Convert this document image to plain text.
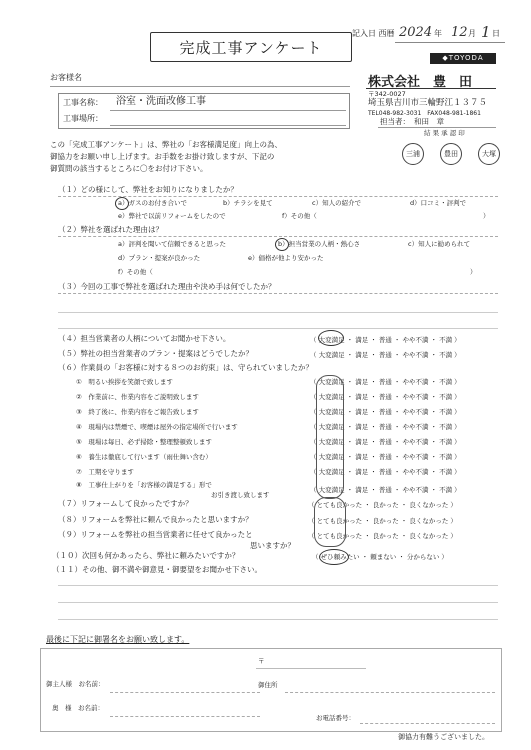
完成工事アンケート
記入日 西暦 2024 年 12 月 1 日
◆TOYODA
お客様名
工事名称： 浴室・洗面改修工事
工事場所：
株式会社　豊　田
〒342-0027
埼玉県吉川市三輪野江１３７５
TEL048-982-3031　FAX048-981-1861
担当者： 和田　章
結 果 承 認 印
三浦	豊田	大塚
この「完成工事アンケート」は、弊社の「お客様満足度」向上の為、
御協力をお願い申し上げます。お手数をお掛け致しますが、下記の
御質問の該当するところに〇をお付け下さい。
（１）どの様にして、弊社をお知りになりましたか？
a）ガスのお付き合いで	b）チラシを見て	c）知人の紹介で	d）口コミ・評判で
e）弊社で以前リフォームをしたので	f）その他（	）
（２）弊社を選ばれた理由は？
a）評判を聞いて信頼できると思った	b）担当営業の人柄・熱心さ	c）知人に勧められて
d）プラン・提案が良かった	e）価格が他より安かった
f）その他（	）
（３）今回の工事で弊社を選ばれた理由や決め手は何でしたか？
（４）担当営業者の人柄についてお聞かせ下さい。	（ 大変満足 ・ 満足 ・ 普通 ・ やや不満 ・ 不満 ）
（５）弊社の担当営業者のプラン・提案はどうでしたか？	（ 大変満足 ・ 満足 ・ 普通 ・ やや不満 ・ 不満 ）
（６）作業員の「お客様に対する８つのお約束」は、守られていましたか？
①　明るい挨拶を笑顔で致します	（ 大変満足 ・ 満足 ・ 普通 ・ やや不満 ・ 不満 ）
②　作業前に、作業内容をご説明致します	（ 大変満足 ・ 満足 ・ 普通 ・ やや不満 ・ 不満 ）
③　終了後に、作業内容をご報告致します	（ 大変満足 ・ 満足 ・ 普通 ・ やや不満 ・ 不満 ）
④　現場内は禁煙で、喫煙は屋外の指定場所で行います	（ 大変満足 ・ 満足 ・ 普通 ・ やや不満 ・ 不満 ）
⑤　現場は毎日、必ず掃除・整理整頓致します	（ 大変満足 ・ 満足 ・ 普通 ・ やや不満 ・ 不満 ）
⑥　養生は徹底して行います（雨仕舞い含む）	（ 大変満足 ・ 満足 ・ 普通 ・ やや不満 ・ 不満 ）
⑦　工期を守ります	（ 大変満足 ・ 満足 ・ 普通 ・ やや不満 ・ 不満 ）
⑧　工事仕上がりを「お客様の満足する」形で
お引き渡し致します
（ 大変満足 ・ 満足 ・ 普通 ・ やや不満 ・ 不満 ）
（７）リフォームして良かったですか？	（ とても良かった ・ 良かった ・ 良くなかった ）
（８）リフォームを弊社に頼んで良かったと思いますか？	（ とても良かった ・ 良かった ・ 良くなかった ）
（９）リフォームを弊社の担当営業者に任せて良かったと
思いますか？
（ とても良かった ・ 良かった ・ 良くなかった ）
（１０）次回も何かあったら、弊社に頼みたいですか？	（ ぜひ頼みたい ・ 頼まない ・ 分からない ）
（１１）その他、御不満や御意見・御要望をお聞かせ下さい。
最後に下記に御署名をお願い致します。
〒
御主人様　お名前：	御住所
奥　様　お名前：
お電話番号：
御協力有難うございました。
